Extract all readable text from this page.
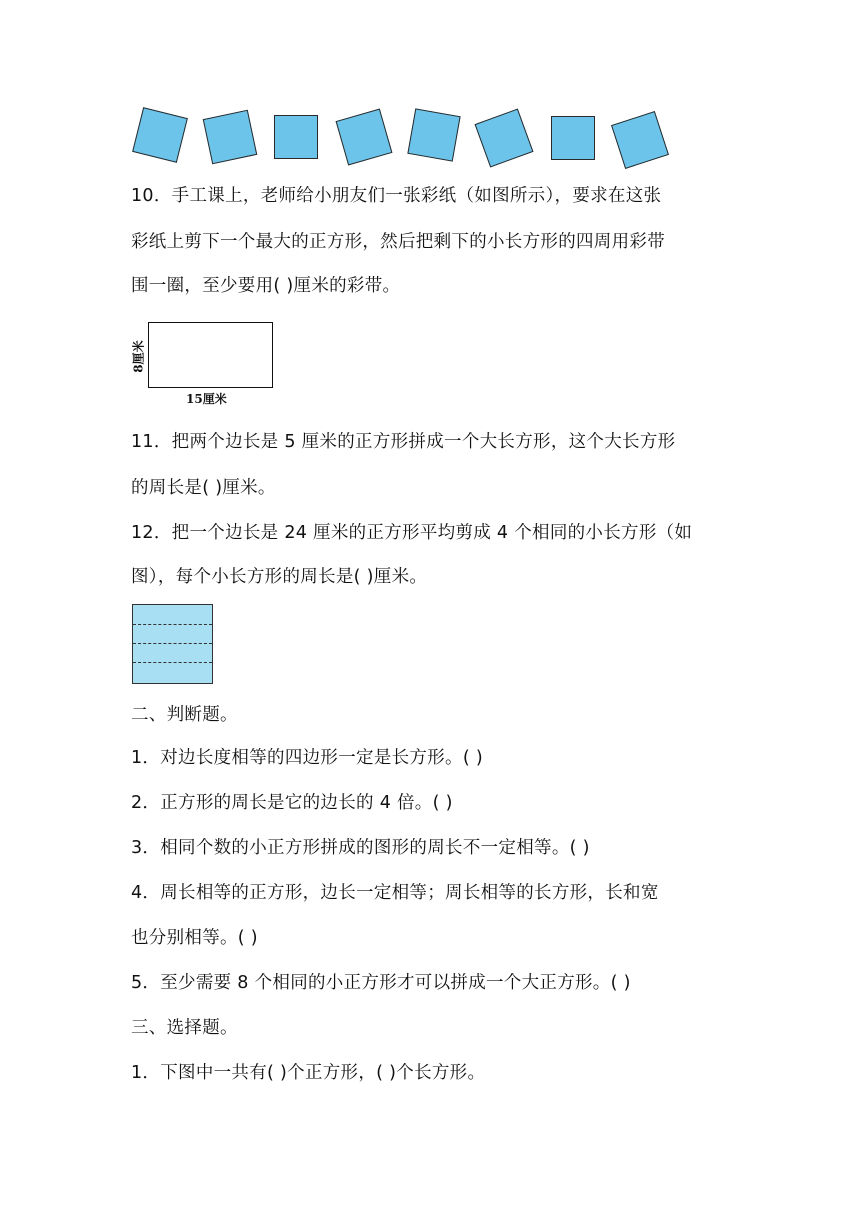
10．手工课上，老师给小朋友们一张彩纸（如图所示），要求在这张
彩纸上剪下一个最大的正方形，然后把剩下的小长方形的四周用彩带
围一圈，至少要用( )厘米的彩带。
8厘米
15厘米
11．把两个边长是 5 厘米的正方形拼成一个大长方形，这个大长方形
的周长是( )厘米。
12．把一个边长是 24 厘米的正方形平均剪成 4 个相同的小长方形（如
图），每个小长方形的周长是( )厘米。
二、判断题。
1．对边长度相等的四边形一定是长方形。( )
2．正方形的周长是它的边长的 4 倍。( )
3．相同个数的小正方形拼成的图形的周长不一定相等。( )
4．周长相等的正方形，边长一定相等；周长相等的长方形，长和宽
也分别相等。( )
5．至少需要 8 个相同的小正方形才可以拼成一个大正方形。( )
三、选择题。
1．下图中一共有( )个正方形，( )个长方形。
